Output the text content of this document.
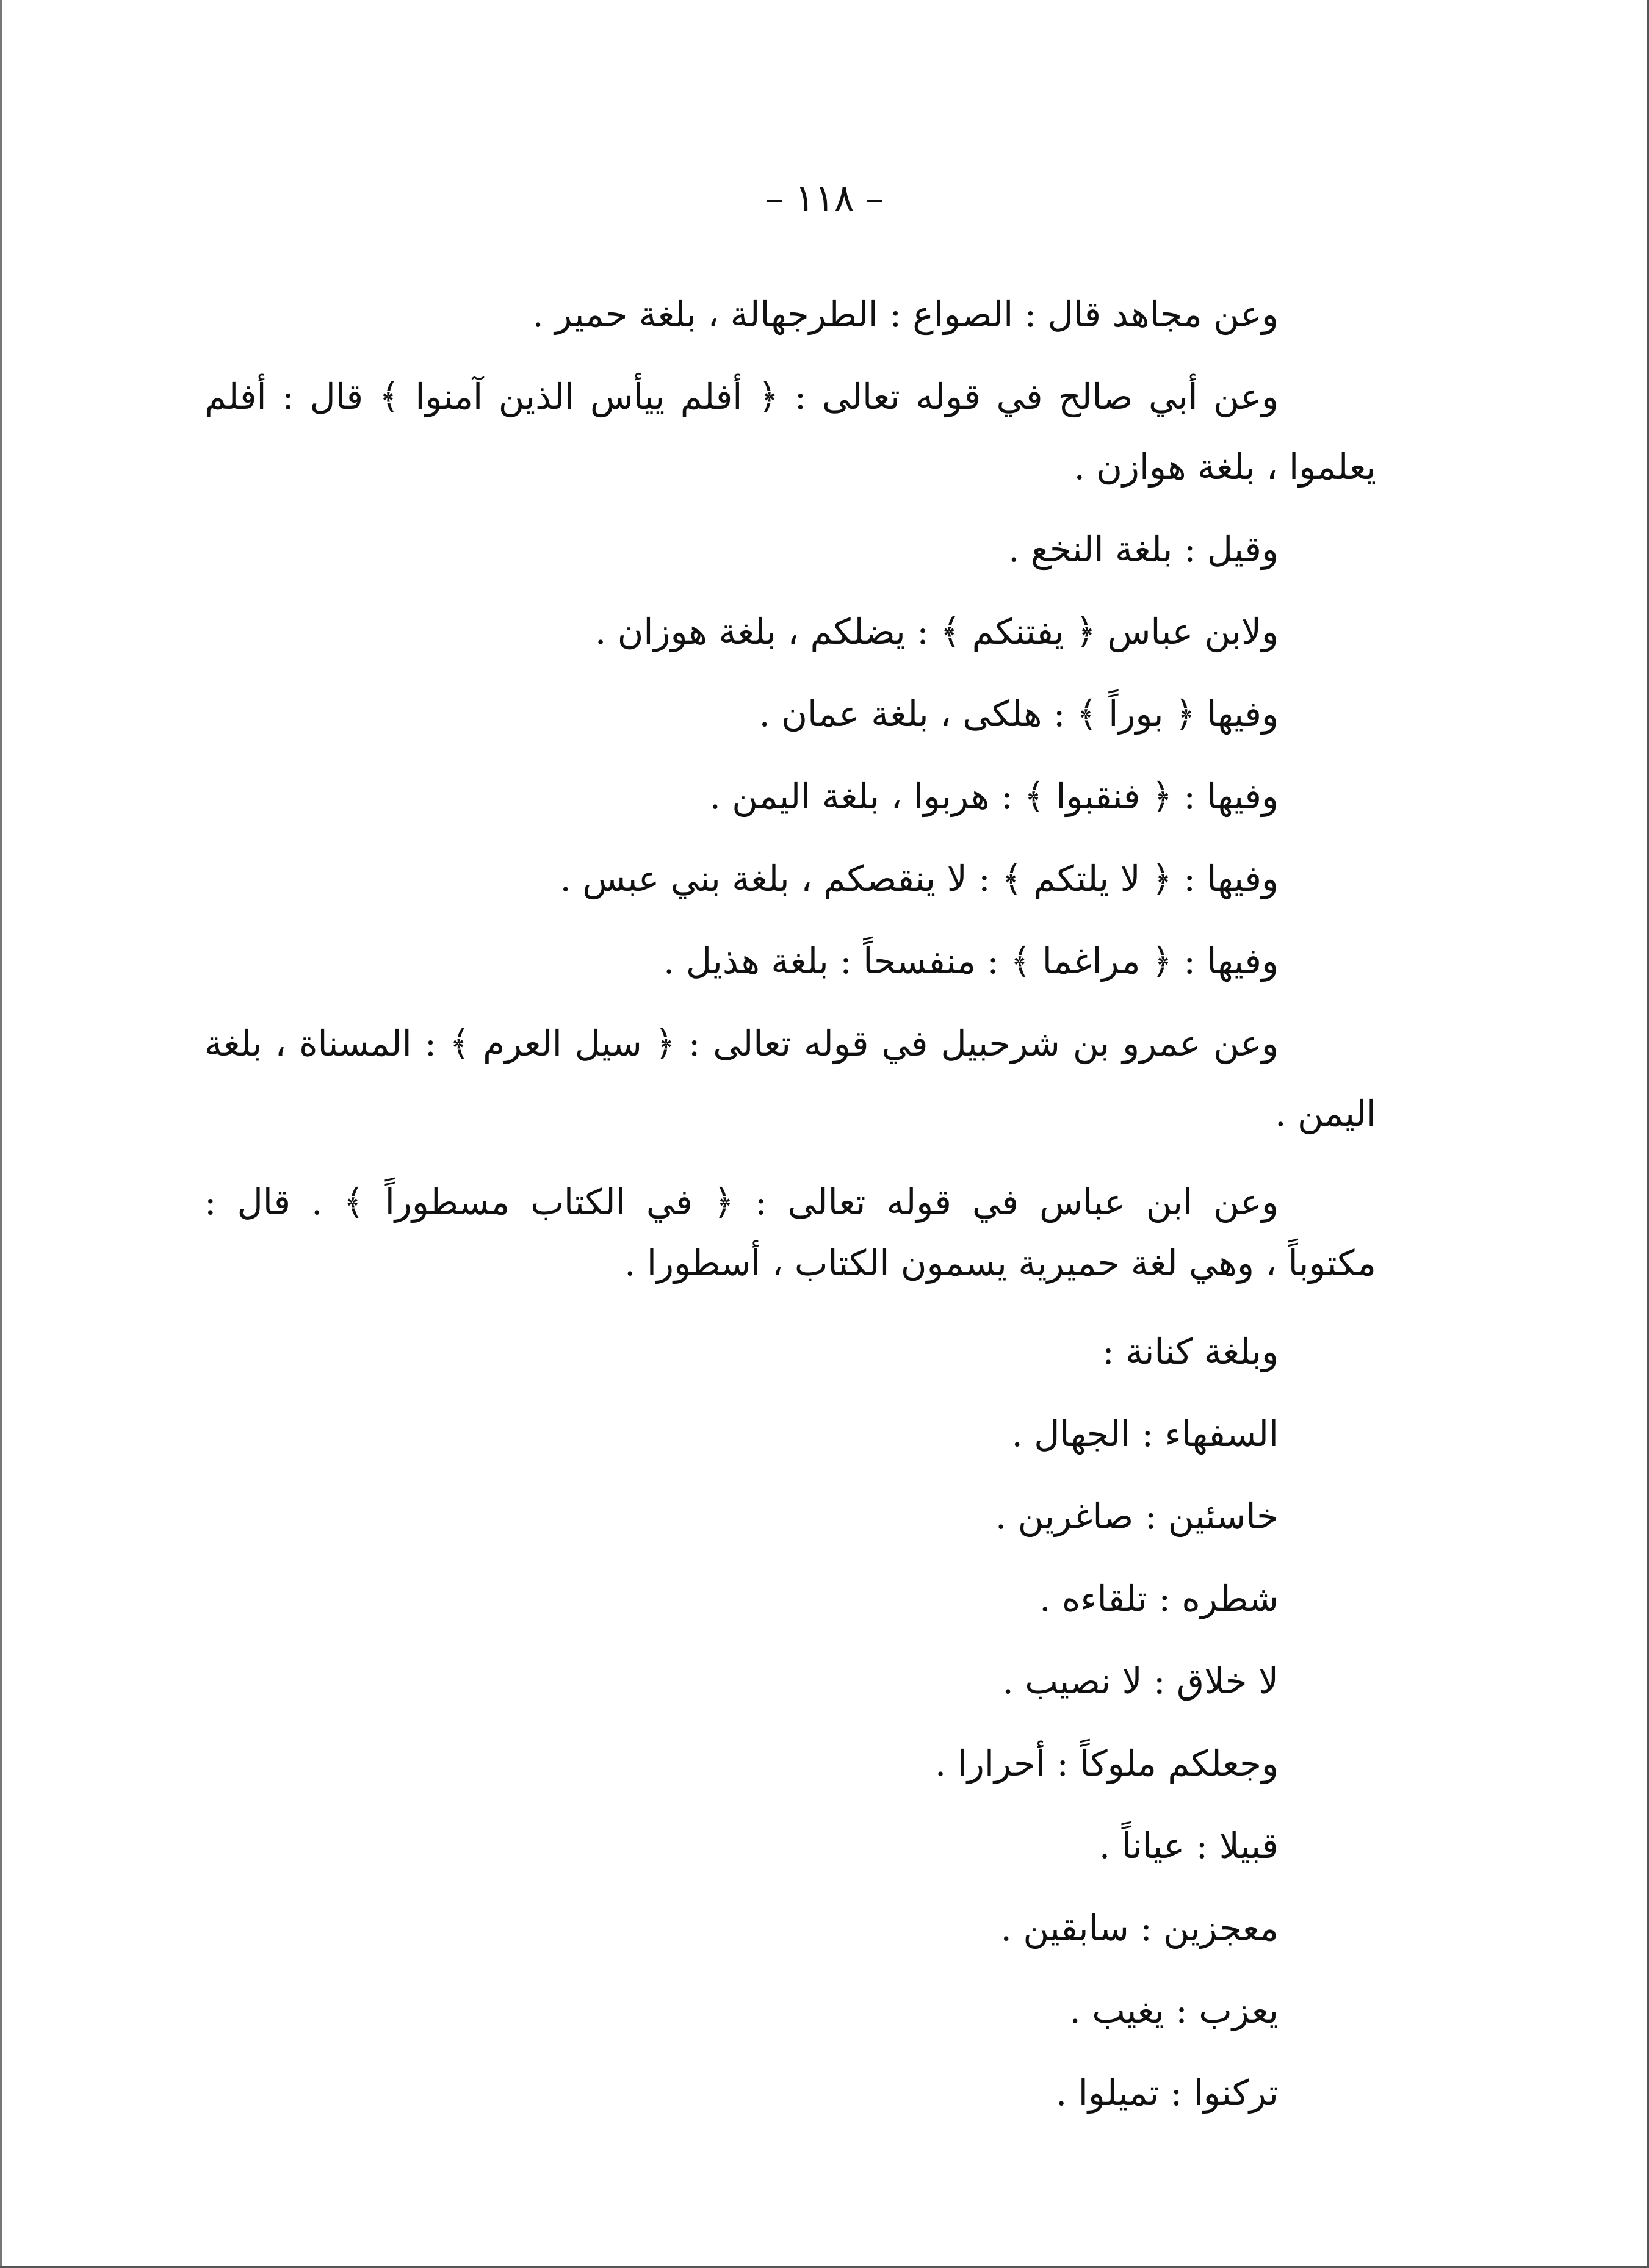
– ١١٨ –
وعن مجاهد قال : الصواع : الطرجهالة ، بلغة حمير .
وعن أبي صالح في قوله تعالى : ﴿ أفلم ييأس الذين آمنوا ﴾ قال : أفلم
يعلموا ، بلغة هوازن .
وقيل : بلغة النخع .
ولابن عباس ﴿ يفتنكم ﴾ : يضلكم ، بلغة هوزان .
وفيها ﴿ بوراً ﴾ : هلكى ، بلغة عمان .
وفيها : ﴿ فنقبوا ﴾ : هربوا ، بلغة اليمن .
وفيها : ﴿ لا يلتكم ﴾ : لا ينقصكم ، بلغة بني عبس .
وفيها : ﴿ مراغما ﴾ : منفسحاً : بلغة هذيل .
وعن عمرو بن شرحبيل في قوله تعالى : ﴿ سيل العرم ﴾ : المسناة ، بلغة
اليمن .
وعن ابن عباس في قوله تعالى : ﴿ في الكتاب مسطوراً ﴾ . قال :
مكتوباً ، وهي لغة حميرية يسمون الكتاب ، أسطورا .
وبلغة كنانة :
السفهاء : الجهال .
خاسئين : صاغرين .
شطره : تلقاءه .
لا خلاق : لا نصيب .
وجعلكم ملوكاً : أحرارا .
قبيلا : عياناً .
معجزين : سابقين .
يعزب : يغيب .
تركنوا : تميلوا .
